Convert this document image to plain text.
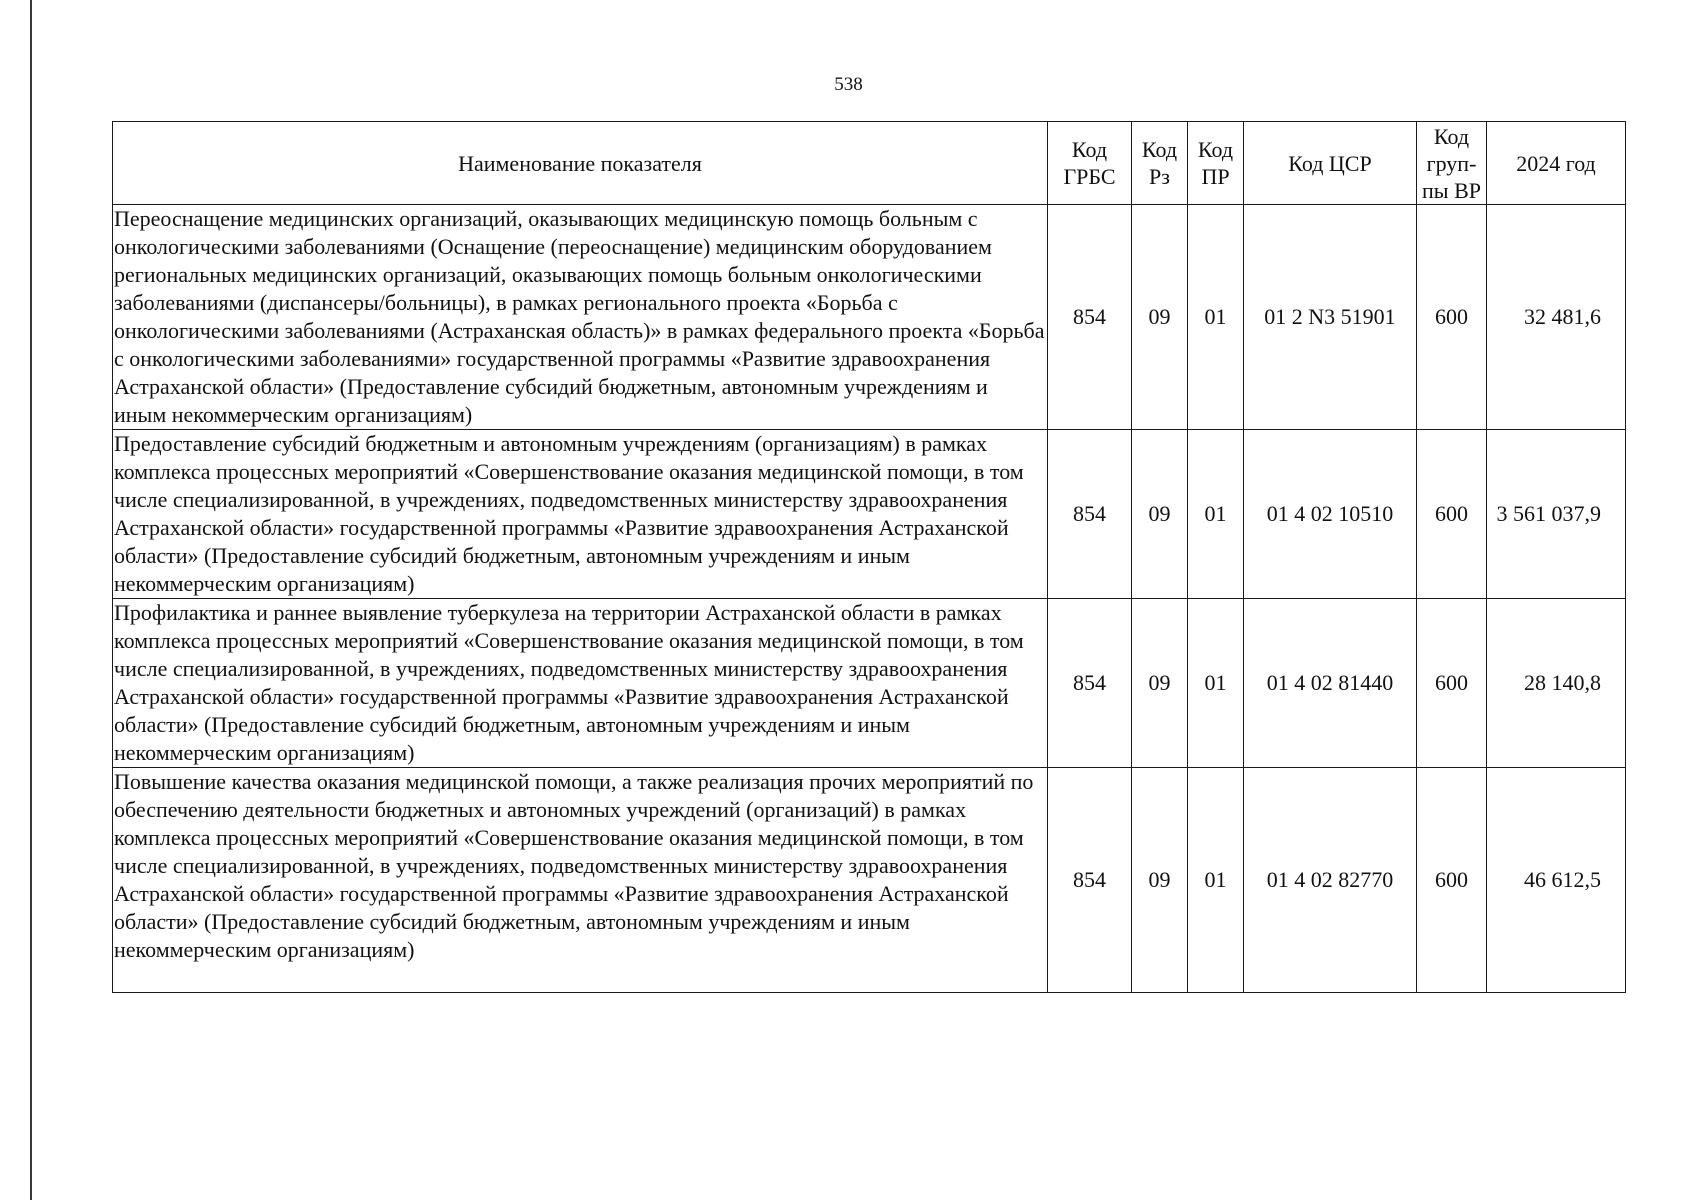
538
Наименование показателя	Код ГРБС	Код Рз	Код ПР	Код ЦСР	Код груп-пы ВР	2024 год
Переоснащение медицинских организаций, оказывающих медицинскую помощь больным с онкологическими заболеваниями (Оснащение (переоснащение) медицинским оборудованием региональных медицинских организаций, оказывающих помощь больным онкологическими заболеваниями (диспансеры/больницы), в рамках регионального проекта «Борьба с онкологическими заболеваниями (Астраханская область)» в рамках федерального проекта «Борьба с онкологическими заболеваниями» государственной программы «Развитие здравоохранения Астраханской области» (Предоставление субсидий бюджетным, автономным учреждениям и иным некоммерческим организациям)	854	09	01	01 2 N3 51901	600	32 481,6
Предоставление субсидий бюджетным и автономным учреждениям (организациям) в рамках комплекса процессных мероприятий «Совершенствование оказания медицинской помощи, в том числе специализированной, в учреждениях, подведомственных министерству здравоохранения Астраханской области» государственной программы «Развитие здравоохранения Астраханской области» (Предоставление субсидий бюджетным, автономным учреждениям и иным некоммерческим организациям)	854	09	01	01 4 02 10510	600	3 561 037,9
Профилактика и раннее выявление туберкулеза на территории Астраханской области в рамках комплекса процессных мероприятий «Совершенствование оказания медицинской помощи, в том числе специализированной, в учреждениях, подведомственных министерству здравоохранения Астраханской области» государственной программы «Развитие здравоохранения Астраханской области» (Предоставление субсидий бюджетным, автономным учреждениям и иным некоммерческим организациям)	854	09	01	01 4 02 81440	600	28 140,8
Повышение качества оказания медицинской помощи, а также реализация прочих мероприятий по обеспечению деятельности бюджетных и автономных учреждений (организаций) в рамках комплекса процессных мероприятий «Совершенствование оказания медицинской помощи, в том числе специализированной, в учреждениях, подведомственных министерству здравоохранения Астраханской области» государственной программы «Развитие здравоохранения Астраханской области» (Предоставление субсидий бюджетным, автономным учреждениям и иным некоммерческим организациям)	854	09	01	01 4 02 82770	600	46 612,5
